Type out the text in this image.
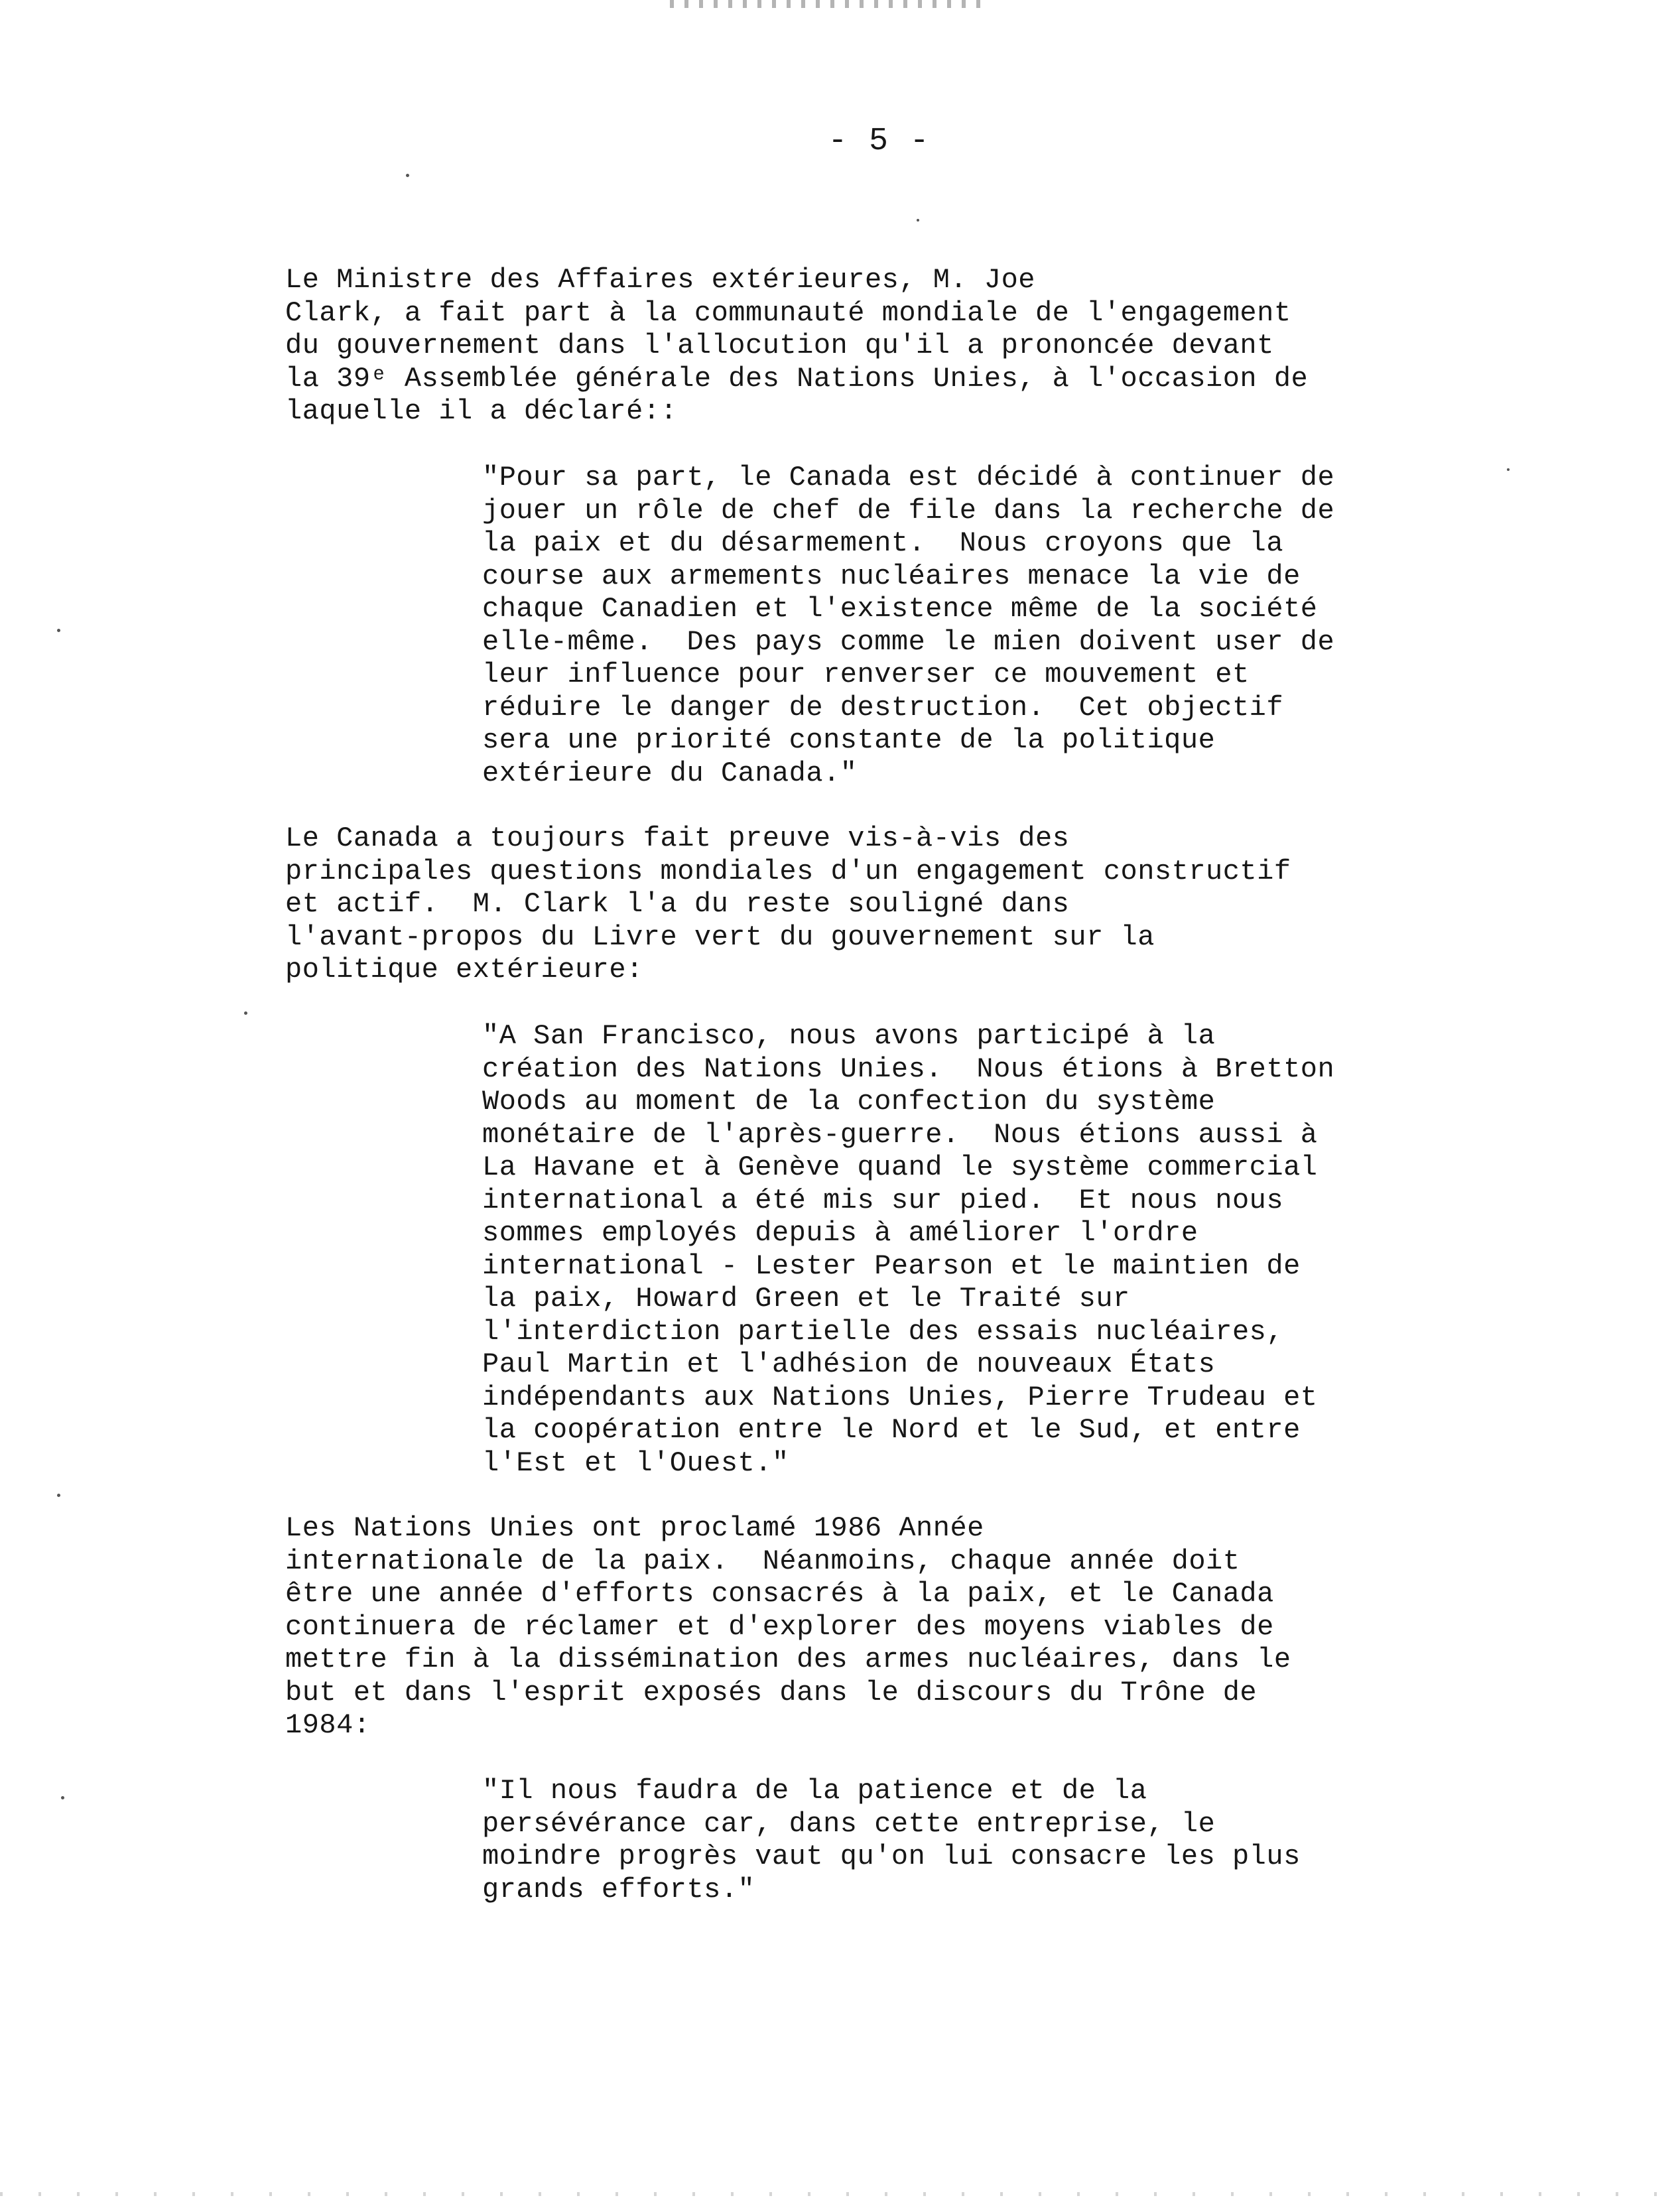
- 5 -

Le Ministre des Affaires extérieures, M. Joe
Clark, a fait part à la communauté mondiale de l'engagement
du gouvernement dans l'allocution qu'il a prononcée devant
la 39ᵉ Assemblée générale des Nations Unies, à l'occasion de
laquelle il a déclaré::

"Pour sa part, le Canada est décidé à continuer de
jouer un rôle de chef de file dans la recherche de
la paix et du désarmement.  Nous croyons que la
course aux armements nucléaires menace la vie de
chaque Canadien et l'existence même de la société
elle-même.  Des pays comme le mien doivent user de
leur influence pour renverser ce mouvement et
réduire le danger de destruction.  Cet objectif
sera une priorité constante de la politique
extérieure du Canada."

Le Canada a toujours fait preuve vis-à-vis des
principales questions mondiales d'un engagement constructif
et actif.  M. Clark l'a du reste souligné dans
l'avant-propos du Livre vert du gouvernement sur la
politique extérieure:

"A San Francisco, nous avons participé à la
création des Nations Unies.  Nous étions à Bretton
Woods au moment de la confection du système
monétaire de l'après-guerre.  Nous étions aussi à
La Havane et à Genève quand le système commercial
international a été mis sur pied.  Et nous nous
sommes employés depuis à améliorer l'ordre
international - Lester Pearson et le maintien de
la paix, Howard Green et le Traité sur
l'interdiction partielle des essais nucléaires,
Paul Martin et l'adhésion de nouveaux États
indépendants aux Nations Unies, Pierre Trudeau et
la coopération entre le Nord et le Sud, et entre
l'Est et l'Ouest."

Les Nations Unies ont proclamé 1986 Année
internationale de la paix.  Néanmoins, chaque année doit
être une année d'efforts consacrés à la paix, et le Canada
continuera de réclamer et d'explorer des moyens viables de
mettre fin à la dissémination des armes nucléaires, dans le
but et dans l'esprit exposés dans le discours du Trône de
1984:

"Il nous faudra de la patience et de la
persévérance car, dans cette entreprise, le
moindre progrès vaut qu'on lui consacre les plus
grands efforts."
